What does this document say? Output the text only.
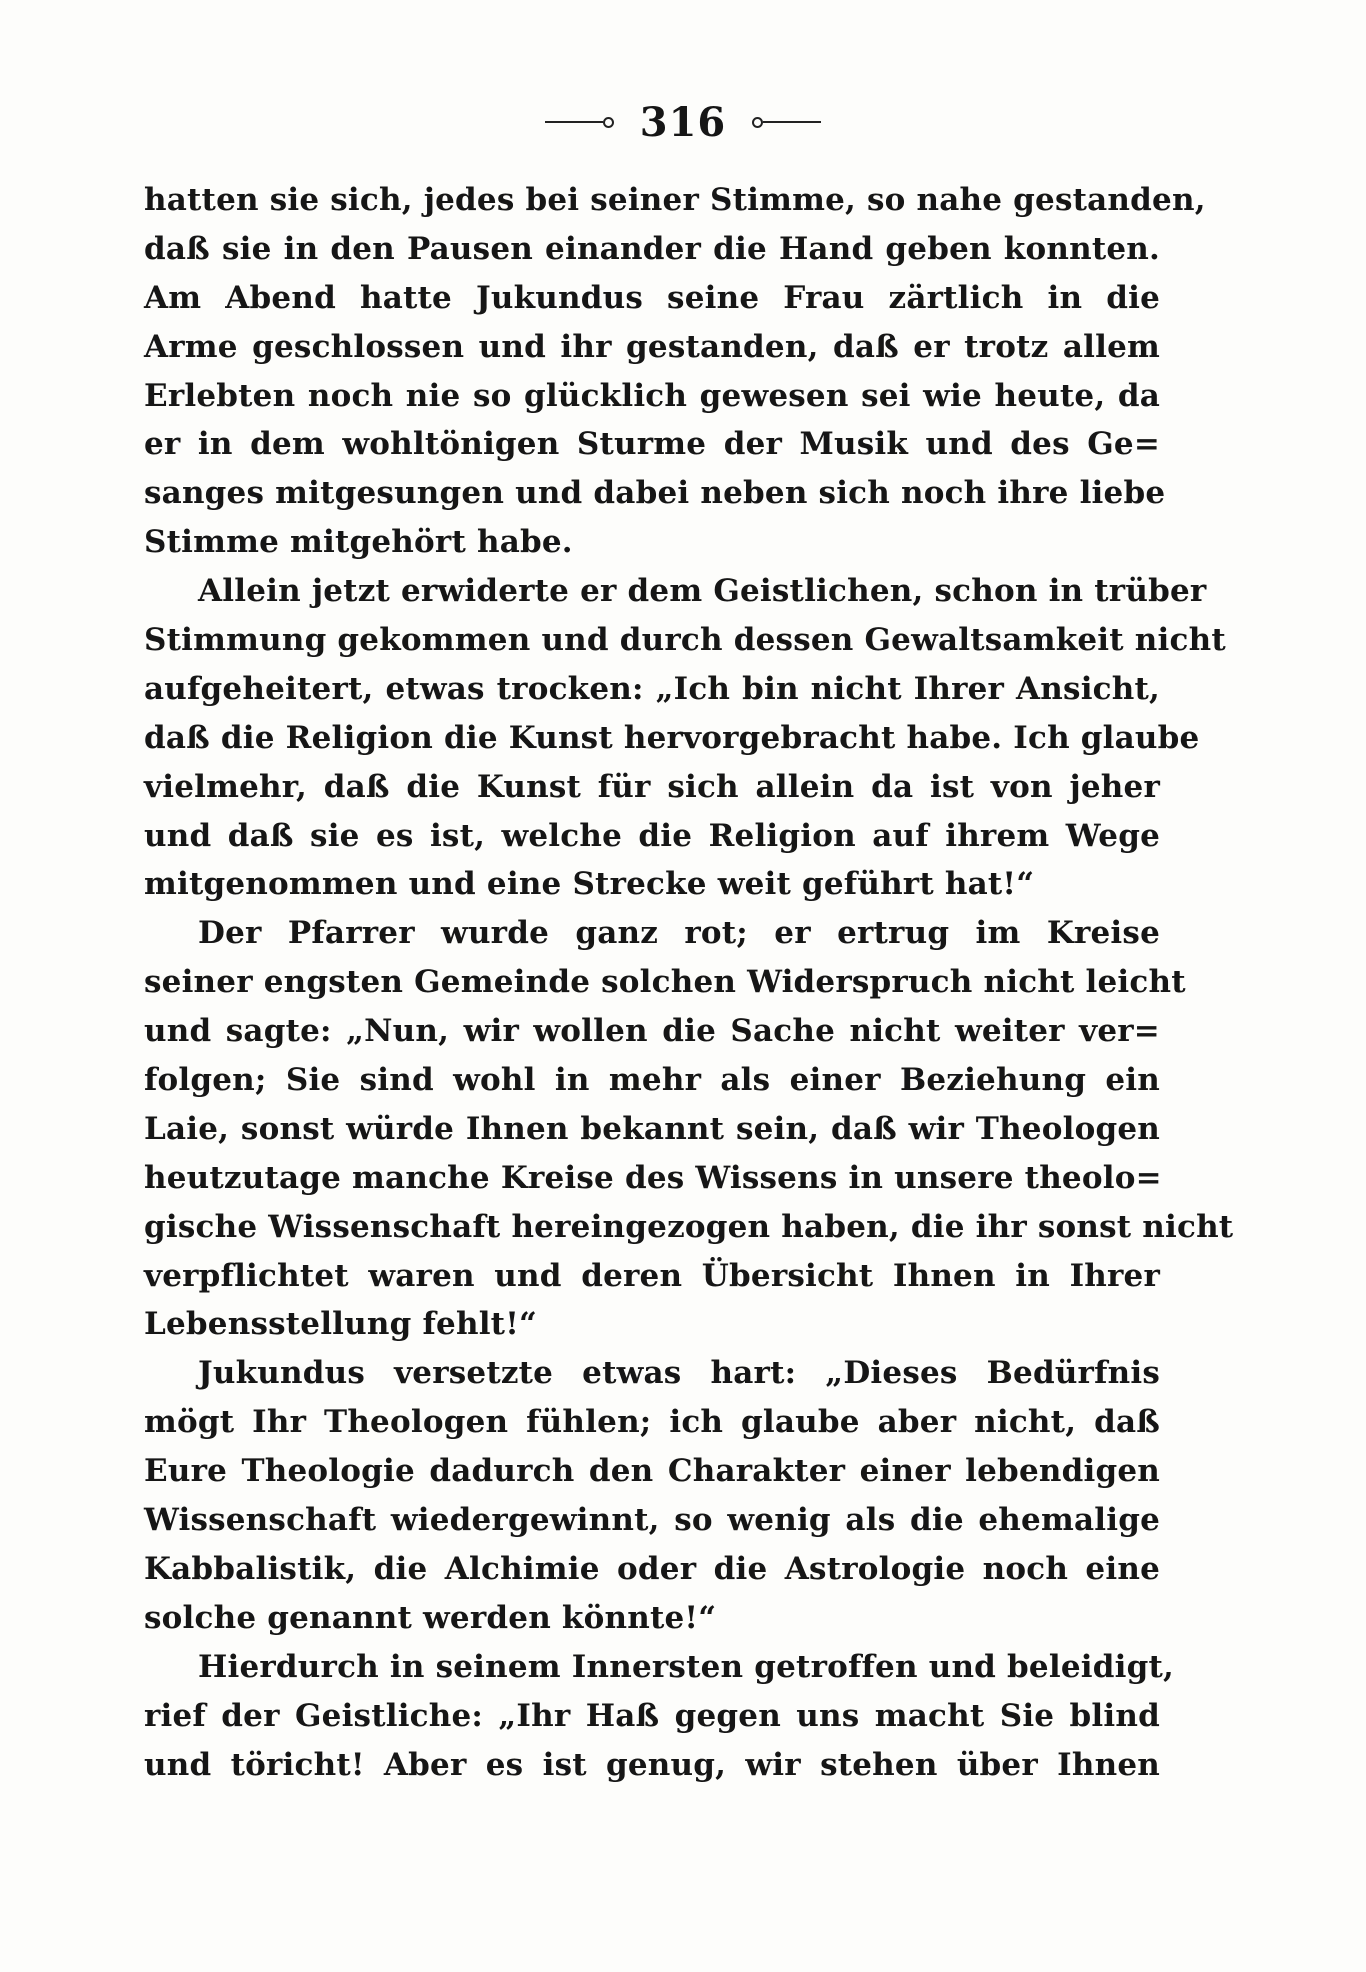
316
hatten sie sich, jedes bei seiner Stimme, so nahe gestanden,
daß sie in den Pausen einander die Hand geben konnten.
Am Abend hatte Jukundus seine Frau zärtlich in die
Arme geschlossen und ihr gestanden, daß er trotz allem
Erlebten noch nie so glücklich gewesen sei wie heute, da
er in dem wohltönigen Sturme der Musik und des Ge=
sanges mitgesungen und dabei neben sich noch ihre liebe
Stimme mitgehört habe.
Allein jetzt erwiderte er dem Geistlichen, schon in trüber
Stimmung gekommen und durch dessen Gewaltsamkeit nicht
aufgeheitert, etwas trocken: „Ich bin nicht Ihrer Ansicht,
daß die Religion die Kunst hervorgebracht habe. Ich glaube
vielmehr, daß die Kunst für sich allein da ist von jeher
und daß sie es ist, welche die Religion auf ihrem Wege
mitgenommen und eine Strecke weit geführt hat!“
Der Pfarrer wurde ganz rot; er ertrug im Kreise
seiner engsten Gemeinde solchen Widerspruch nicht leicht
und sagte: „Nun, wir wollen die Sache nicht weiter ver=
folgen; Sie sind wohl in mehr als einer Beziehung ein
Laie, sonst würde Ihnen bekannt sein, daß wir Theologen
heutzutage manche Kreise des Wissens in unsere theolo=
gische Wissenschaft hereingezogen haben, die ihr sonst nicht
verpflichtet waren und deren Übersicht Ihnen in Ihrer
Lebensstellung fehlt!“
Jukundus versetzte etwas hart: „Dieses Bedürfnis
mögt Ihr Theologen fühlen; ich glaube aber nicht, daß
Eure Theologie dadurch den Charakter einer lebendigen
Wissenschaft wiedergewinnt, so wenig als die ehemalige
Kabbalistik, die Alchimie oder die Astrologie noch eine
solche genannt werden könnte!“
Hierdurch in seinem Innersten getroffen und beleidigt,
rief der Geistliche: „Ihr Haß gegen uns macht Sie blind
und töricht! Aber es ist genug, wir stehen über Ihnen
